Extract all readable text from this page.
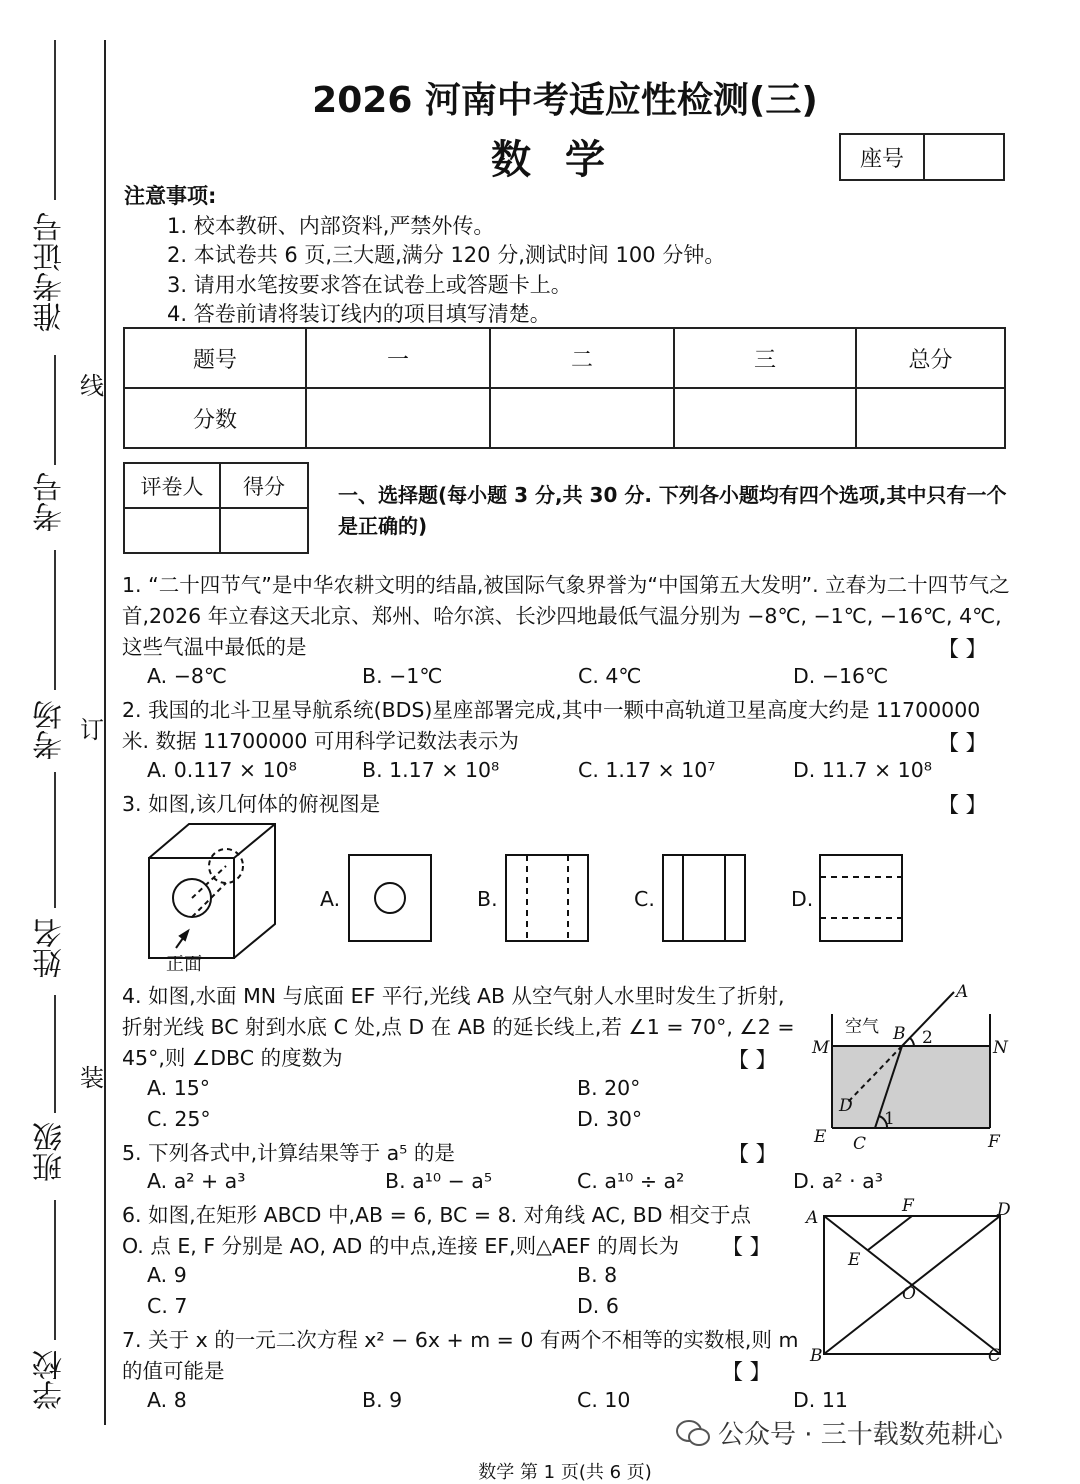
准考证号
考号
考场
姓名
班级
学校
线
订
装
2026 河南中考适应性检测(三)
数学	座号
注意事项:
1. 校本教研、内部资料,严禁外传。
2. 本试卷共 6 页,三大题,满分 120 分,测试时间 100 分钟。
3. 请用水笔按要求答在试卷上或答题卡上。
4. 答卷前请将装订线内的项目填写清楚。
题号	一	二	三	总分
分数				
评卷人	得分
		一、选择题(每小题 3 分,共 30 分. 下列各小题均有四个选项,其中只有一个是正确的)
1. “二十四节气”是中华农耕文明的结晶,被国际气象界誉为“中国第五大发明”. 立春为二十四节气之首,2026 年立春这天北京、郑州、哈尔滨、长沙四地最低气温分别为 −8℃, −1℃, −16℃, 4℃,这些气温中最低的是	【 】
A. −8℃	B. −1℃	C. 4℃	D. −16℃
2. 我国的北斗卫星导航系统(BDS)星座部署完成,其中一颗中高轨道卫星高度大约是 11700000 米. 数据 11700000 可用科学记数法表示为	【 】
A. 0.117 × 10⁸	B. 1.17 × 10⁸	C. 1.17 × 10⁷	D. 11.7 × 10⁸
3. 如图,该几何体的俯视图是	【 】
正面
A.	B.	C.	D.
4. 如图,水面 MN 与底面 EF 平行,光线 AB 从空气射人水里时发生了折射,折射光线 BC 射到水底 C 处,点 D 在 AB 的延长线上,若 ∠1 = 70°, ∠2 = 45°,则 ∠DBC 的度数为	【 】
A. 15°	B. 20°
C. 25°	D. 30°
空气
A
B 2
M	N
D
1
E C	F
5. 下列各式中,计算结果等于 a⁵ 的是	【 】
A. a² + a³	B. a¹⁰ − a⁵	C. a¹⁰ ÷ a²	D. a² · a³
6. 如图,在矩形 ABCD 中,AB = 6, BC = 8. 对角线 AC, BD 相交于点 O. 点 E, F 分别是 AO, AD 的中点,连接 EF,则△AEF 的周长为	【 】
A. 9	B. 8
C. 7	D. 6
A
F	D
E
O
B	C
7. 关于 x 的一元二次方程 x² − 6x + m = 0 有两个不相等的实数根,则 m 的值可能是	【 】
A. 8	B. 9	C. 10	D. 11
公众号 · 三十载数苑耕心
数学 第 1 页(共 6 页)
